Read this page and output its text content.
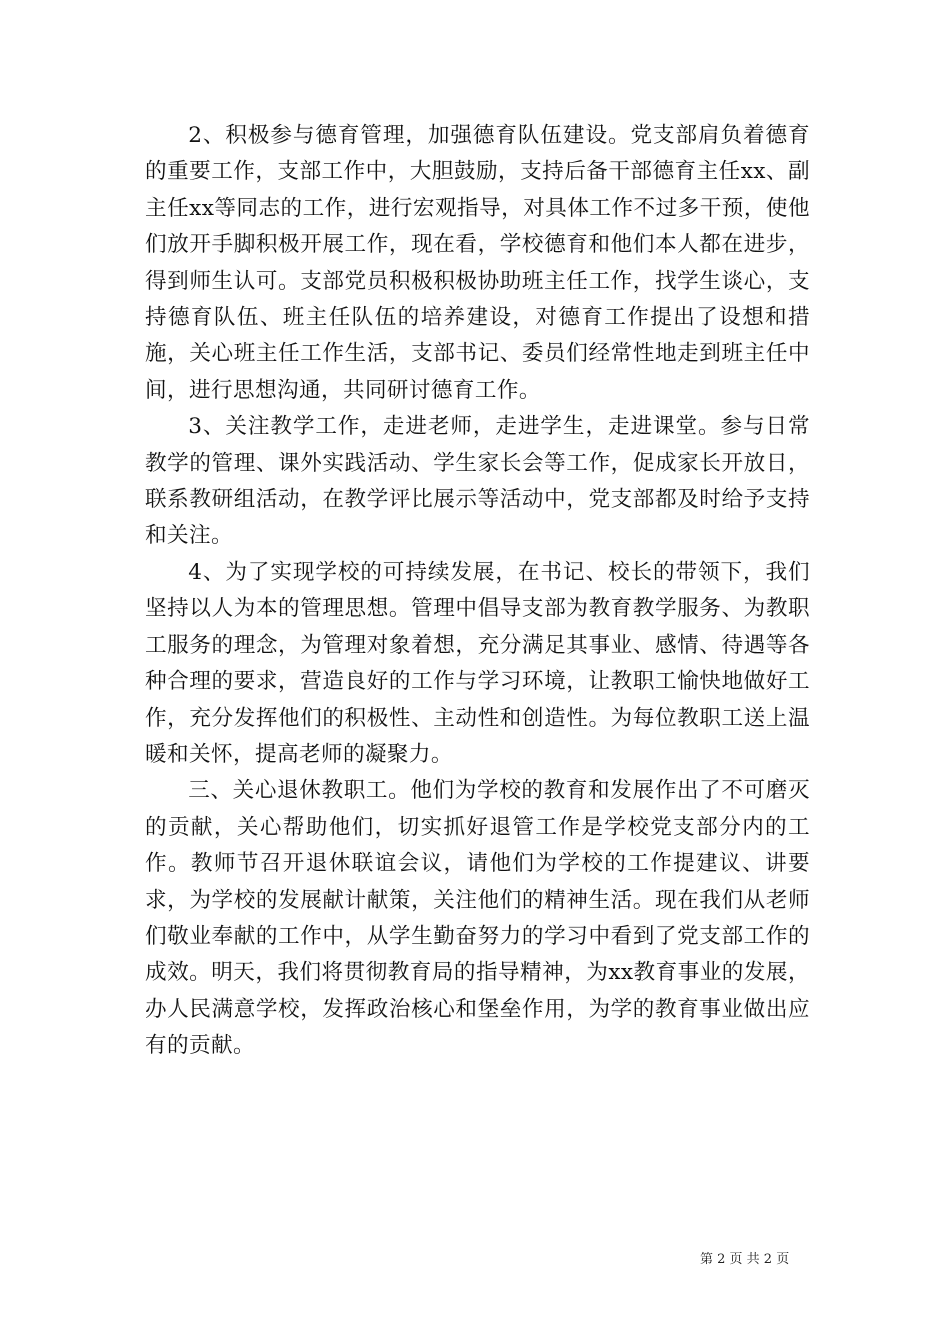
2、积极参与德育管理，加强德育队伍建设。党支部肩负着德育的重要工作，支部工作中，大胆鼓励，支持后备干部德育主任xx、副主任xx等同志的工作，进行宏观指导，对具体工作不过多干预，使他们放开手脚积极开展工作，现在看，学校德育和他们本人都在进步，得到师生认可。支部党员积极积极协助班主任工作，找学生谈心，支持德育队伍、班主任队伍的培养建设，对德育工作提出了设想和措施，关心班主任工作生活，支部书记、委员们经常性地走到班主任中间，进行思想沟通，共同研讨德育工作。

3、关注教学工作，走进老师，走进学生，走进课堂。参与日常教学的管理、课外实践活动、学生家长会等工作，促成家长开放日，联系教研组活动，在教学评比展示等活动中，党支部都及时给予支持和关注。

4、为了实现学校的可持续发展，在书记、校长的带领下，我们坚持以人为本的管理思想。管理中倡导支部为教育教学服务、为教职工服务的理念，为管理对象着想，充分满足其事业、感情、待遇等各种合理的要求，营造良好的工作与学习环境，让教职工愉快地做好工作，充分发挥他们的积极性、主动性和创造性。为每位教职工送上温暖和关怀，提高老师的凝聚力。

三、关心退休教职工。他们为学校的教育和发展作出了不可磨灭的贡献，关心帮助他们，切实抓好退管工作是学校党支部分内的工作。教师节召开退休联谊会议，请他们为学校的工作提建议、讲要求，为学校的发展献计献策，关注他们的精神生活。现在我们从老师们敬业奉献的工作中，从学生勤奋努力的学习中看到了党支部工作的成效。明天，我们将贯彻教育局的指导精神，为xx教育事业的发展，办人民满意学校，发挥政治核心和堡垒作用，为学的教育事业做出应有的贡献。

第 2 页 共 2 页
